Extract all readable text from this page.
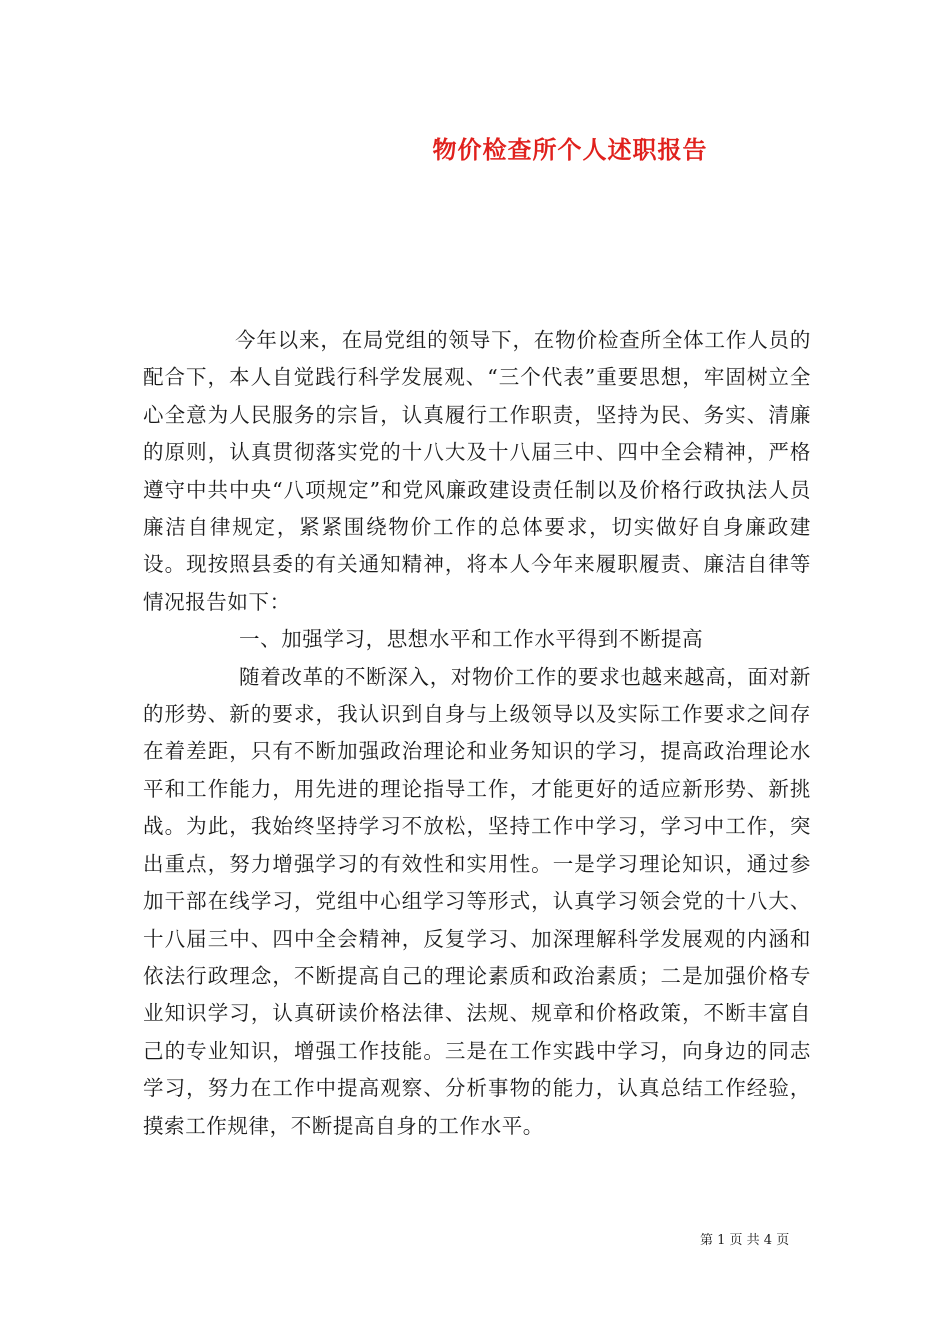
物价检查所个人述职报告

今年以来，在局党组的领导下，在物价检查所全体工作人员的配合下，本人自觉践行科学发展观、“三个代表”重要思想，牢固树立全心全意为人民服务的宗旨，认真履行工作职责，坚持为民、务实、清廉的原则，认真贯彻落实党的十八大及十八届三中、四中全会精神，严格遵守中共中央“八项规定”和党风廉政建设责任制以及价格行政执法人员廉洁自律规定，紧紧围绕物价工作的总体要求，切实做好自身廉政建设。现按照县委的有关通知精神，将本人今年来履职履责、廉洁自律等情况报告如下：

一、加强学习，思想水平和工作水平得到不断提高

随着改革的不断深入，对物价工作的要求也越来越高，面对新的形势、新的要求，我认识到自身与上级领导以及实际工作要求之间存在着差距，只有不断加强政治理论和业务知识的学习，提高政治理论水平和工作能力，用先进的理论指导工作，才能更好的适应新形势、新挑战。为此，我始终坚持学习不放松，坚持工作中学习，学习中工作，突出重点，努力增强学习的有效性和实用性。一是学习理论知识，通过参加干部在线学习，党组中心组学习等形式，认真学习领会党的十八大、十八届三中、四中全会精神，反复学习、加深理解科学发展观的内涵和依法行政理念，不断提高自己的理论素质和政治素质；二是加强价格专业知识学习，认真研读价格法律、法规、规章和价格政策，不断丰富自己的专业知识，增强工作技能。三是在工作实践中学习，向身边的同志学习，努力在工作中提高观察、分析事物的能力，认真总结工作经验，摸索工作规律，不断提高自身的工作水平。

第 1 页 共 4 页
